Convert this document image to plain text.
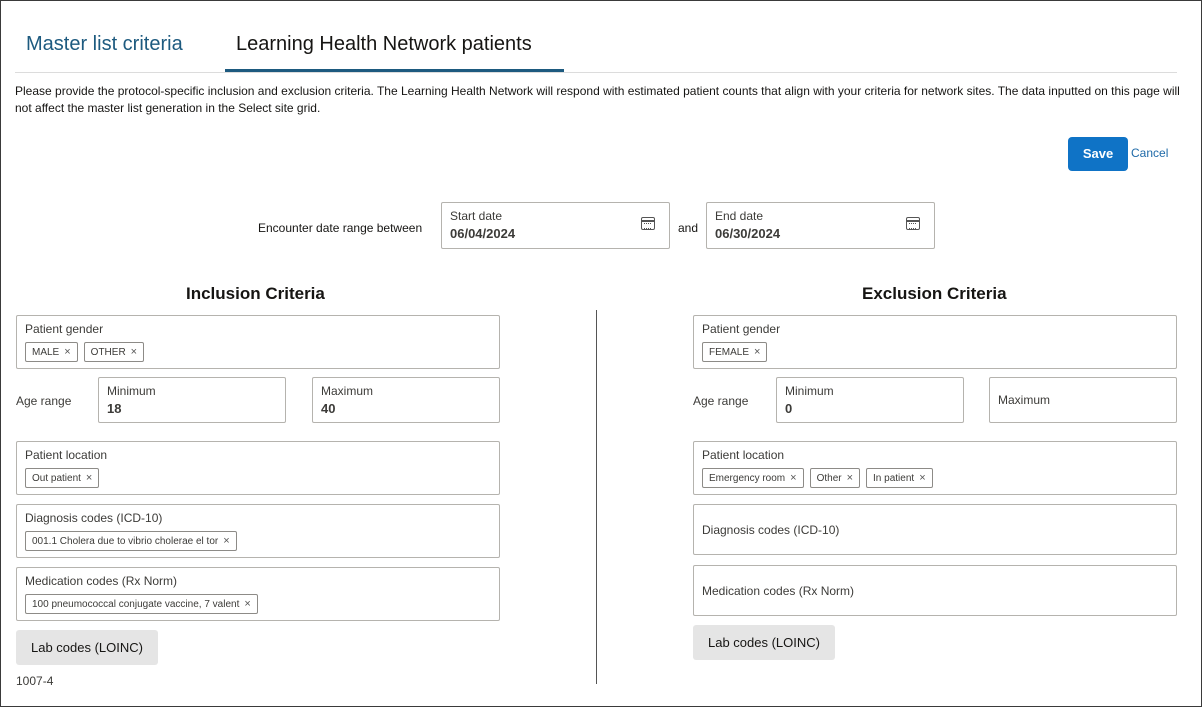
Master list criteria	Learning Health Network patients
Please provide the protocol-specific inclusion and exclusion criteria. The Learning Health Network will respond with estimated patient counts that align with your criteria for network sites. The data inputted on this page will not affect the master list generation in the Select site grid.
Save	Cancel
Encounter date range between
Start date
06/04/2024	and
End date
06/30/2024
Inclusion Criteria
Patient gender
MALE × OTHER ×
Age range
Minimum
18
Maximum
40
Patient location
Out patient ×
Diagnosis codes (ICD-10)
001.1 Cholera due to vibrio cholerae el tor ×
Medication codes (Rx Norm)
100 pneumococcal conjugate vaccine, 7 valent ×
Lab codes (LOINC)
1007-4
Exclusion Criteria
Patient gender
FEMALE ×
Age range
Minimum
0
Maximum
Patient location
Emergency room × Other × In patient ×
Diagnosis codes (ICD-10)
Medication codes (Rx Norm)
Lab codes (LOINC)
